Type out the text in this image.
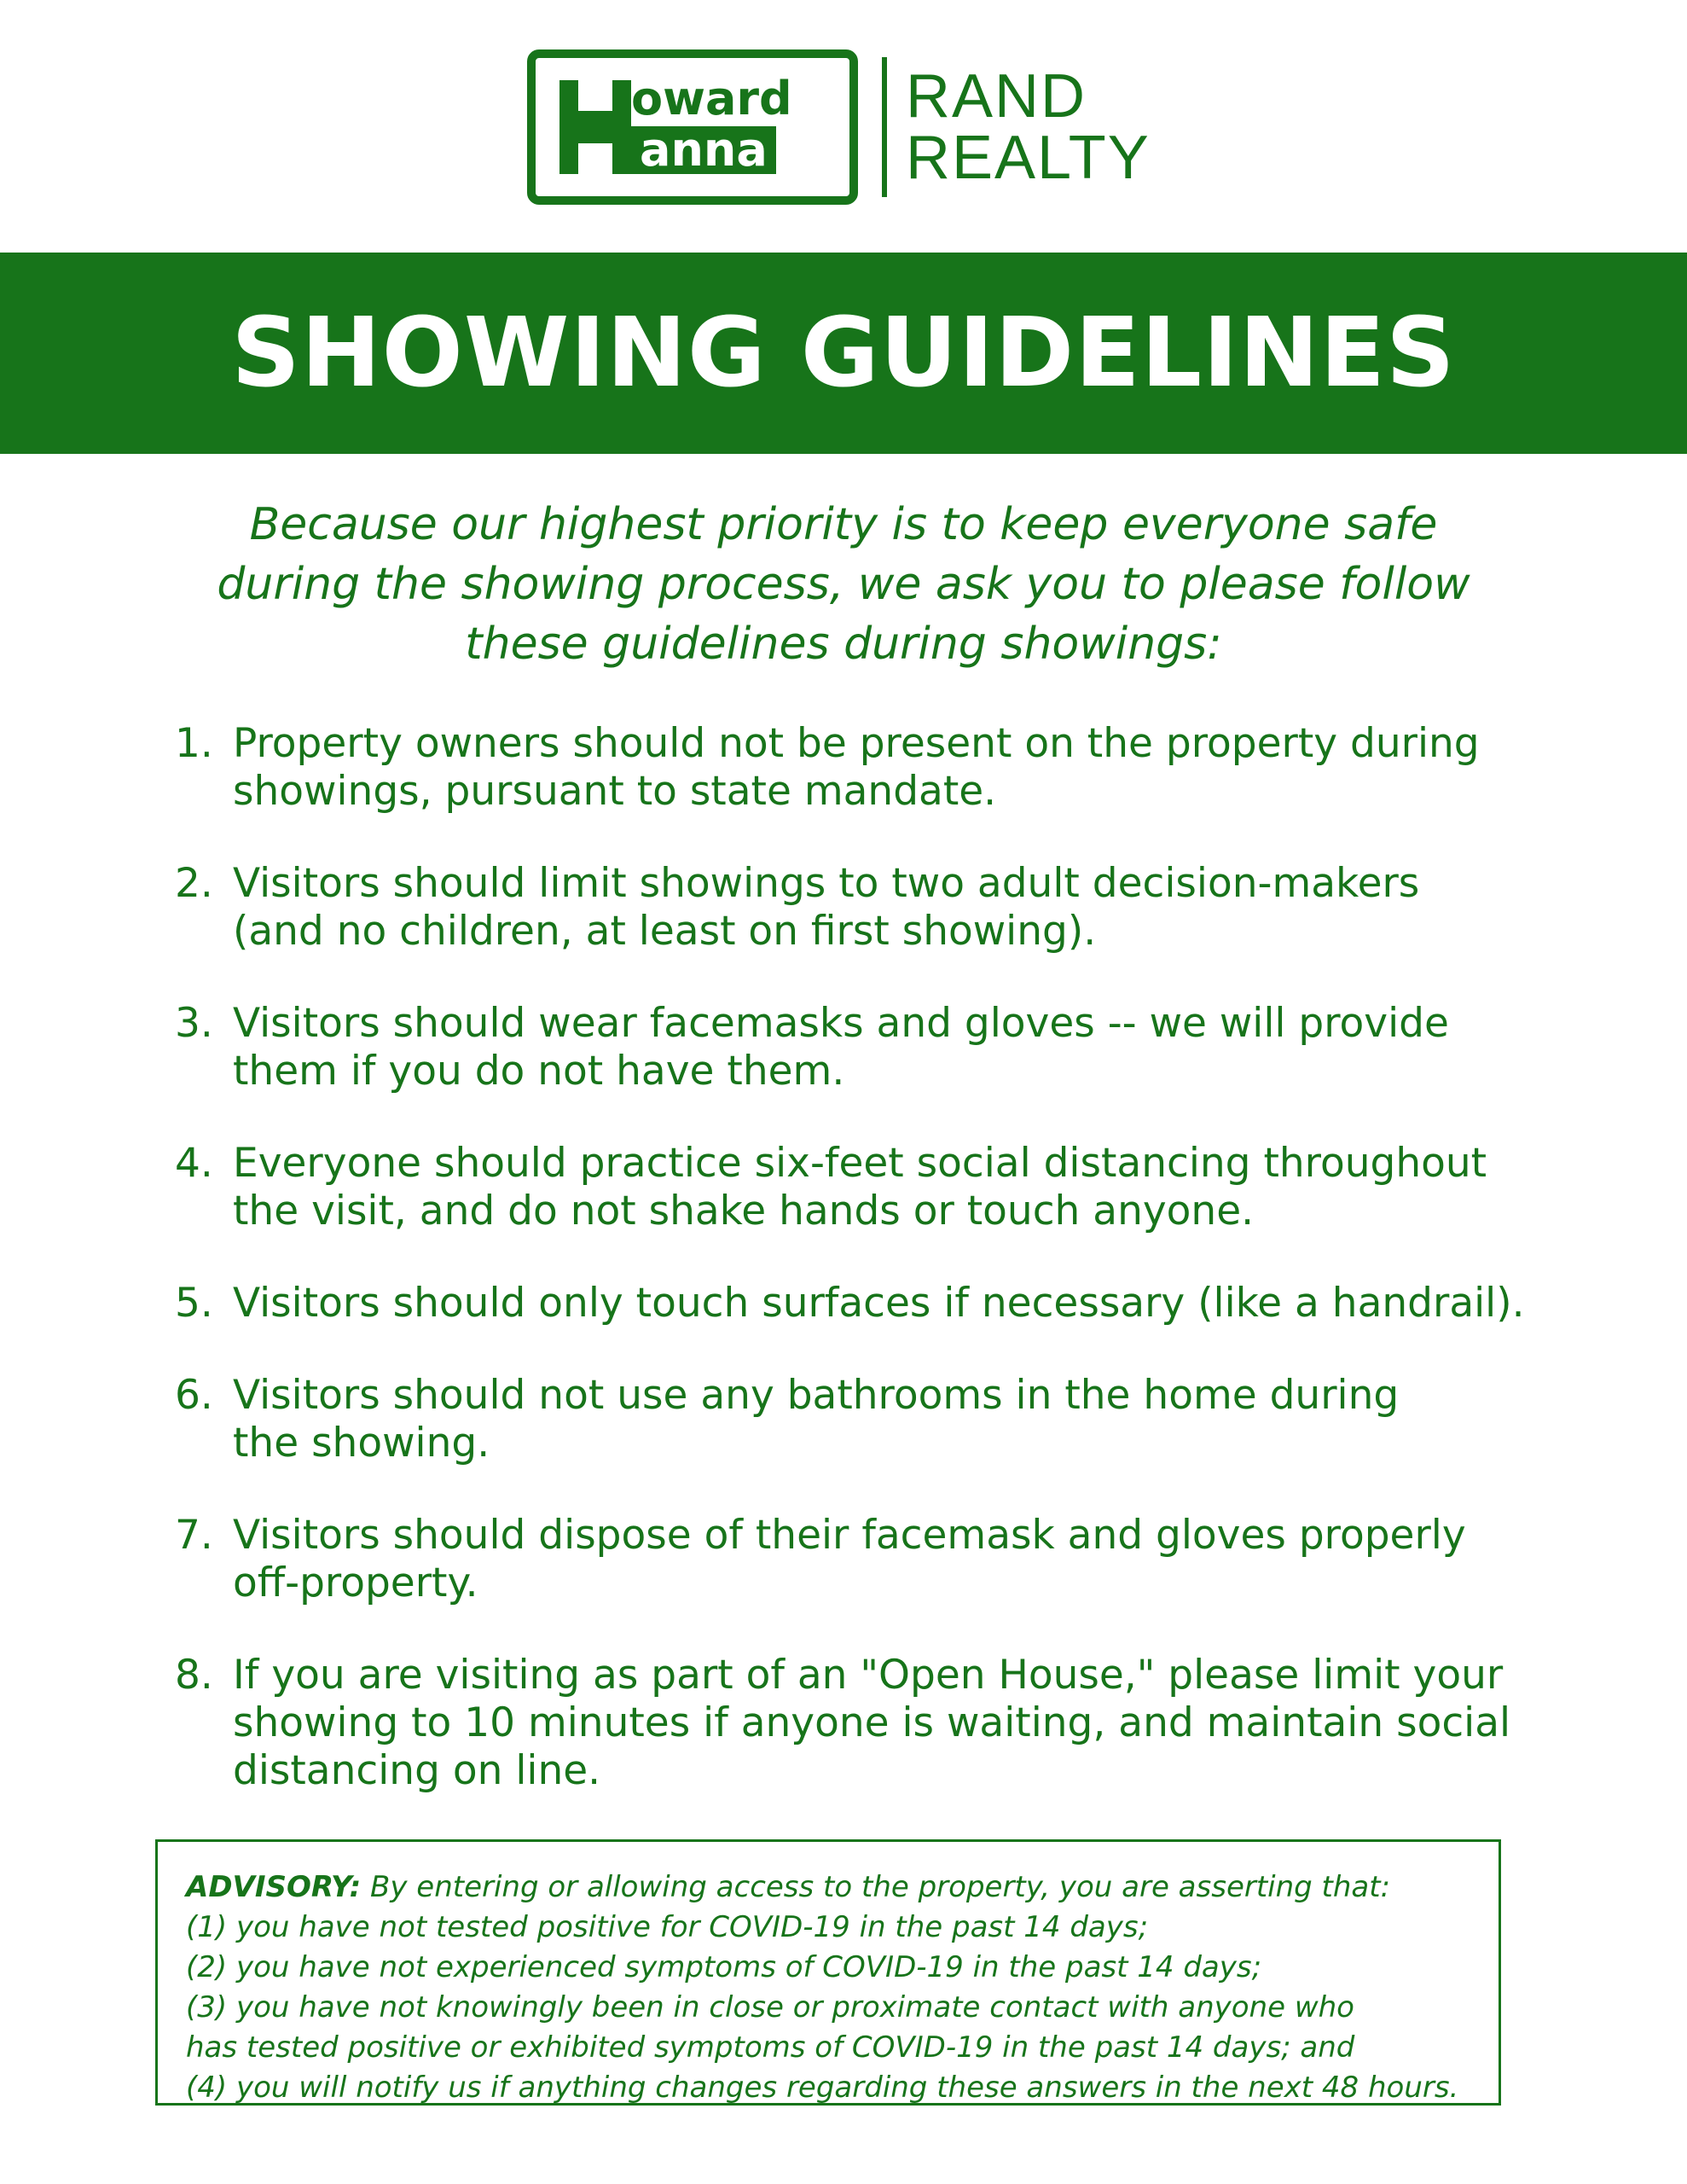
oward
anna
RAND
REALTY
SHOWING GUIDELINES
Because our highest priority is to keep everyone safe
during the showing process, we ask you to please follow
these guidelines during showings:
1. Property owners should not be present on the property during
showings, pursuant to state mandate.
2. Visitors should limit showings to two adult decision-makers
(and no children, at least on first showing).
3. Visitors should wear facemasks and gloves -- we will provide
them if you do not have them.
4. Everyone should practice six-feet social distancing throughout
the visit, and do not shake hands or touch anyone.
5. Visitors should only touch surfaces if necessary (like a handrail).
6. Visitors should not use any bathrooms in the home during
the showing.
7. Visitors should dispose of their facemask and gloves properly
off-property.
8. If you are visiting as part of an "Open House," please limit your
showing to 10 minutes if anyone is waiting, and maintain social
distancing on line.
ADVISORY: By entering or allowing access to the property, you are asserting that:
(1) you have not tested positive for COVID-19 in the past 14 days;
(2) you have not experienced symptoms of COVID-19 in the past 14 days;
(3) you have not knowingly been in close or proximate contact with anyone who
has tested positive or exhibited symptoms of COVID-19 in the past 14 days; and
(4) you will notify us if anything changes regarding these answers in the next 48 hours.
